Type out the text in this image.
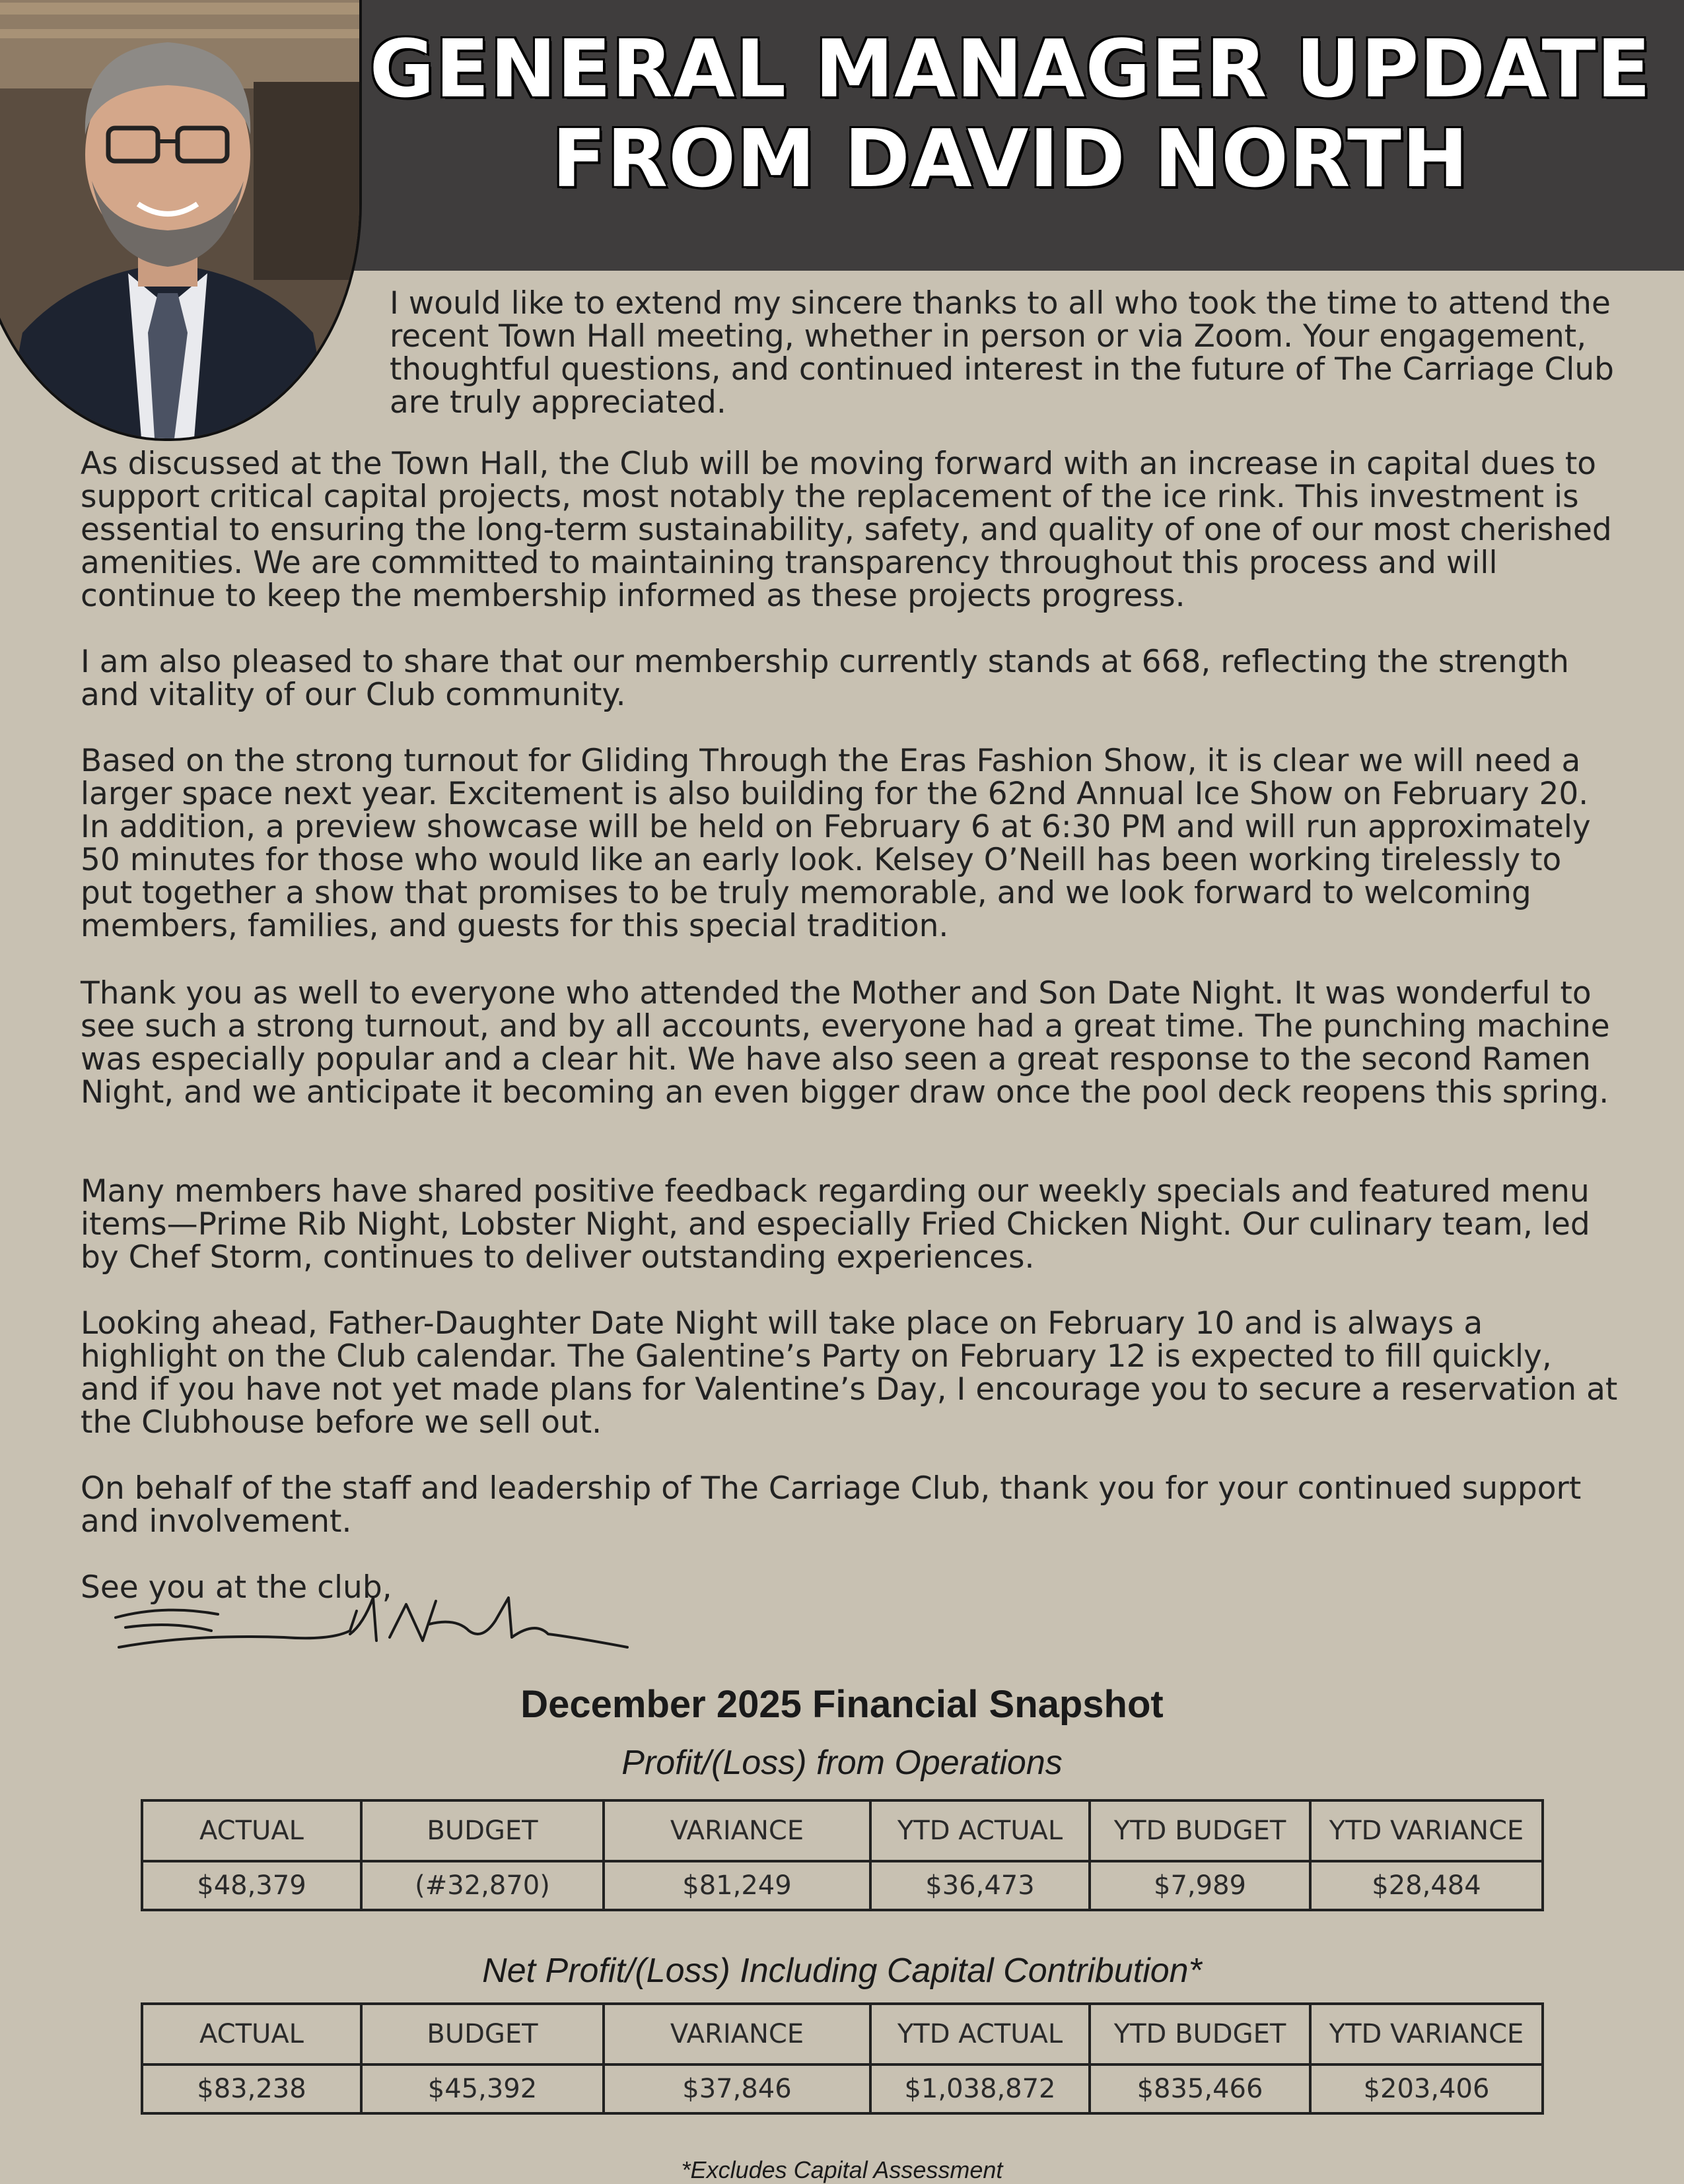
GENERAL MANAGER UPDATE
FROM DAVID NORTH

I would like to extend my sincere thanks to all who took the time to attend the recent Town Hall meeting, whether in person or via Zoom. Your engagement, thoughtful questions, and continued interest in the future of The Carriage Club are truly appreciated.

As discussed at the Town Hall, the Club will be moving forward with an increase in capital dues to support critical capital projects, most notably the replacement of the ice rink. This investment is essential to ensuring the long-term sustainability, safety, and quality of one of our most cherished amenities. We are committed to maintaining transparency throughout this process and will continue to keep the membership informed as these projects progress.

I am also pleased to share that our membership currently stands at 668, reflecting the strength and vitality of our Club community.

Based on the strong turnout for Gliding Through the Eras Fashion Show, it is clear we will need a larger space next year. Excitement is also building for the 62nd Annual Ice Show on February 20. In addition, a preview showcase will be held on February 6 at 6:30 PM and will run approximately 50 minutes for those who would like an early look. Kelsey O’Neill has been working tirelessly to put together a show that promises to be truly memorable, and we look forward to welcoming members, families, and guests for this special tradition.

Thank you as well to everyone who attended the Mother and Son Date Night. It was wonderful to see such a strong turnout, and by all accounts, everyone had a great time. The punching machine was especially popular and a clear hit. We have also seen a great response to the second Ramen Night, and we anticipate it becoming an even bigger draw once the pool deck reopens this spring.

Many members have shared positive feedback regarding our weekly specials and featured menu items—Prime Rib Night, Lobster Night, and especially Fried Chicken Night. Our culinary team, led by Chef Storm, continues to deliver outstanding experiences.

Looking ahead, Father-Daughter Date Night will take place on February 10 and is always a highlight on the Club calendar. The Galentine’s Party on February 12 is expected to fill quickly, and if you have not yet made plans for Valentine’s Day, I encourage you to secure a reservation at the Clubhouse before we sell out.

On behalf of the staff and leadership of The Carriage Club, thank you for your continued support and involvement.

See you at the club,

December 2025 Financial Snapshot
Profit/(Loss) from Operations
ACTUAL	BUDGET	VARIANCE	YTD ACTUAL	YTD BUDGET	YTD VARIANCE
$48,379	(#32,870)	$81,249	$36,473	$7,989	$28,484
Net Profit/(Loss) Including Capital Contribution*
ACTUAL	BUDGET	VARIANCE	YTD ACTUAL	YTD BUDGET	YTD VARIANCE
$83,238	$45,392	$37,846	$1,038,872	$835,466	$203,406
*Excludes Capital Assessment
